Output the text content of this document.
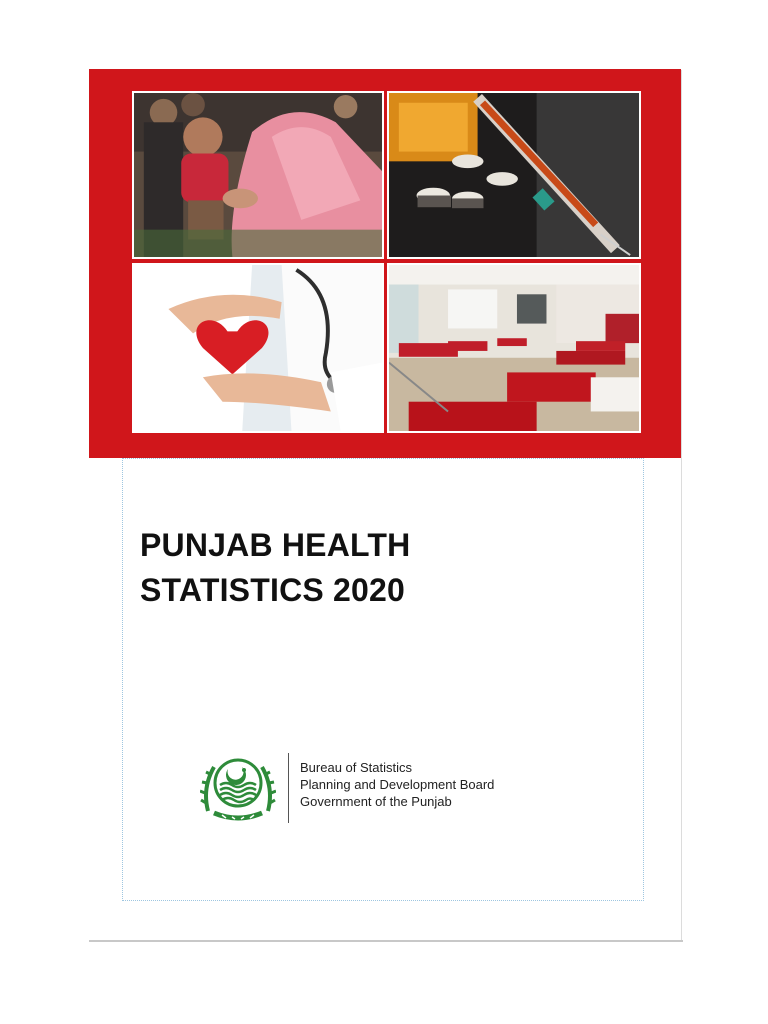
PUNJAB HEALTH
STATISTICS 2020
Bureau of Statistics
Planning and Development Board
Government of the Punjab
